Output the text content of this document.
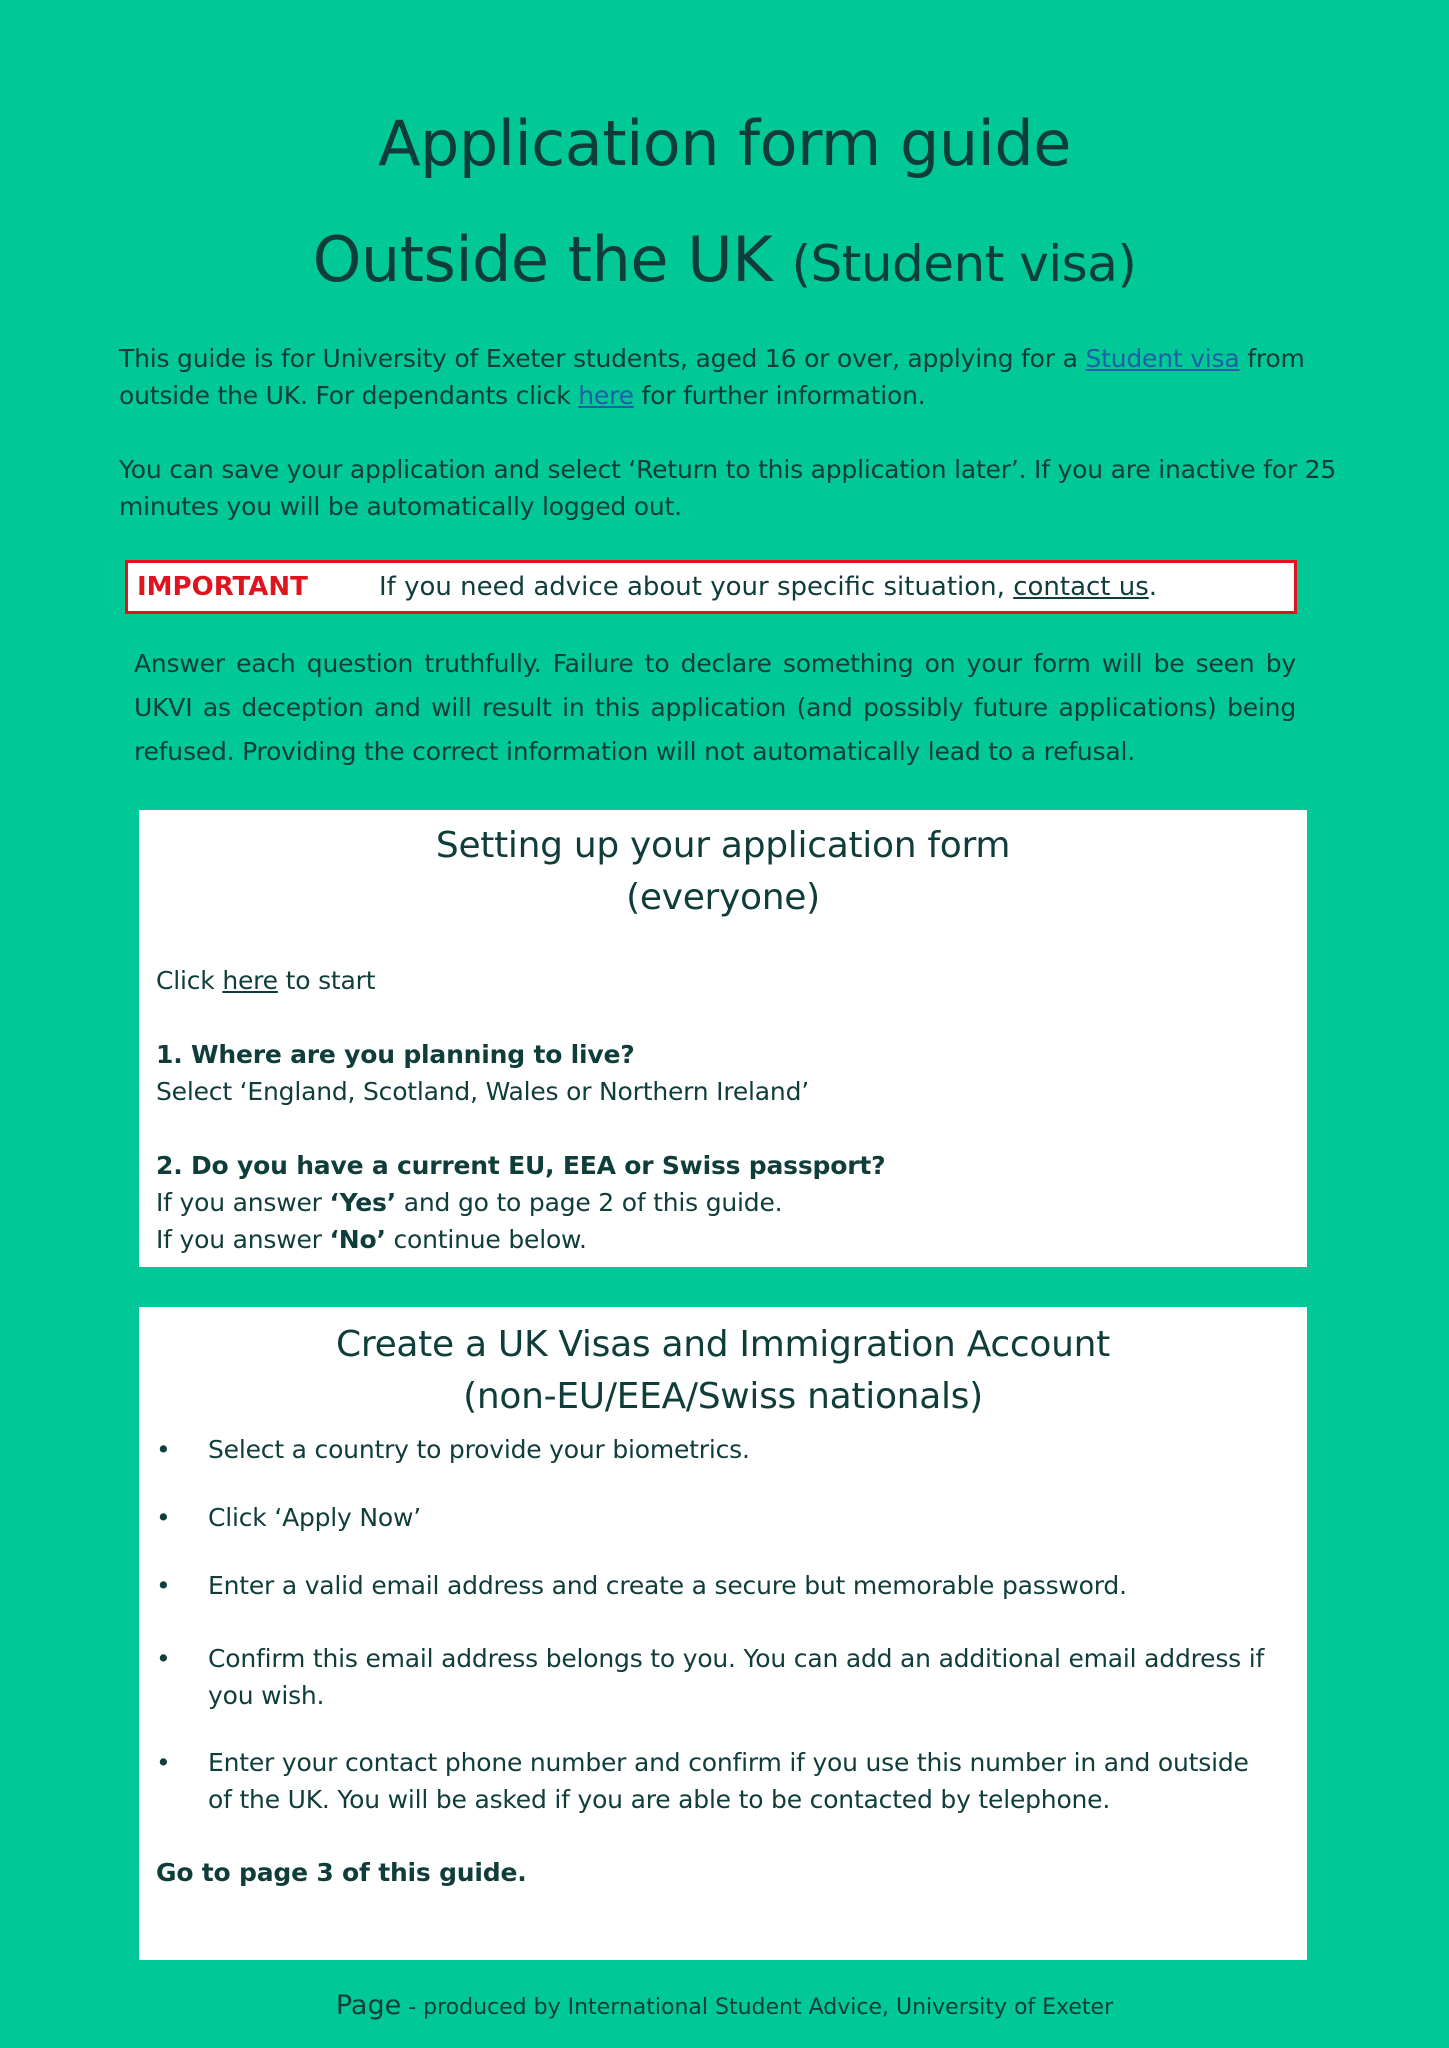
Application form guide
Outside the UK (Student visa)

This guide is for University of Exeter students, aged 16 or over, applying for a Student visa from outside the UK. For dependants click here for further information.

You can save your application and select ‘Return to this application later’. If you are inactive for 25 minutes you will be automatically logged out.

IMPORTANT	If you need advice about your specific situation, contact us.

Answer each question truthfully. Failure to declare something on your form will be seen by UKVI as deception and will result in this application (and possibly future applications) being refused. Providing the correct information will not automatically lead to a refusal.

Setting up your application form
(everyone)
Click here to start
1. Where are you planning to live?
Select ‘England, Scotland, Wales or Northern Ireland’
2. Do you have a current EU, EEA or Swiss passport?
If you answer ‘Yes’ and go to page 2 of this guide.
If you answer ‘No’ continue below.
Create a UK Visas and Immigration Account
(non-EU/EEA/Swiss nationals)
• Select a country to provide your biometrics.
• Click ‘Apply Now’
• Enter a valid email address and create a secure but memorable password.
• Confirm this email address belongs to you. You can add an additional email address if you wish.
• Enter your contact phone number and confirm if you use this number in and outside of the UK. You will be asked if you are able to be contacted by telephone.
Go to page 3 of this guide.
Page - produced by International Student Advice, University of Exeter
